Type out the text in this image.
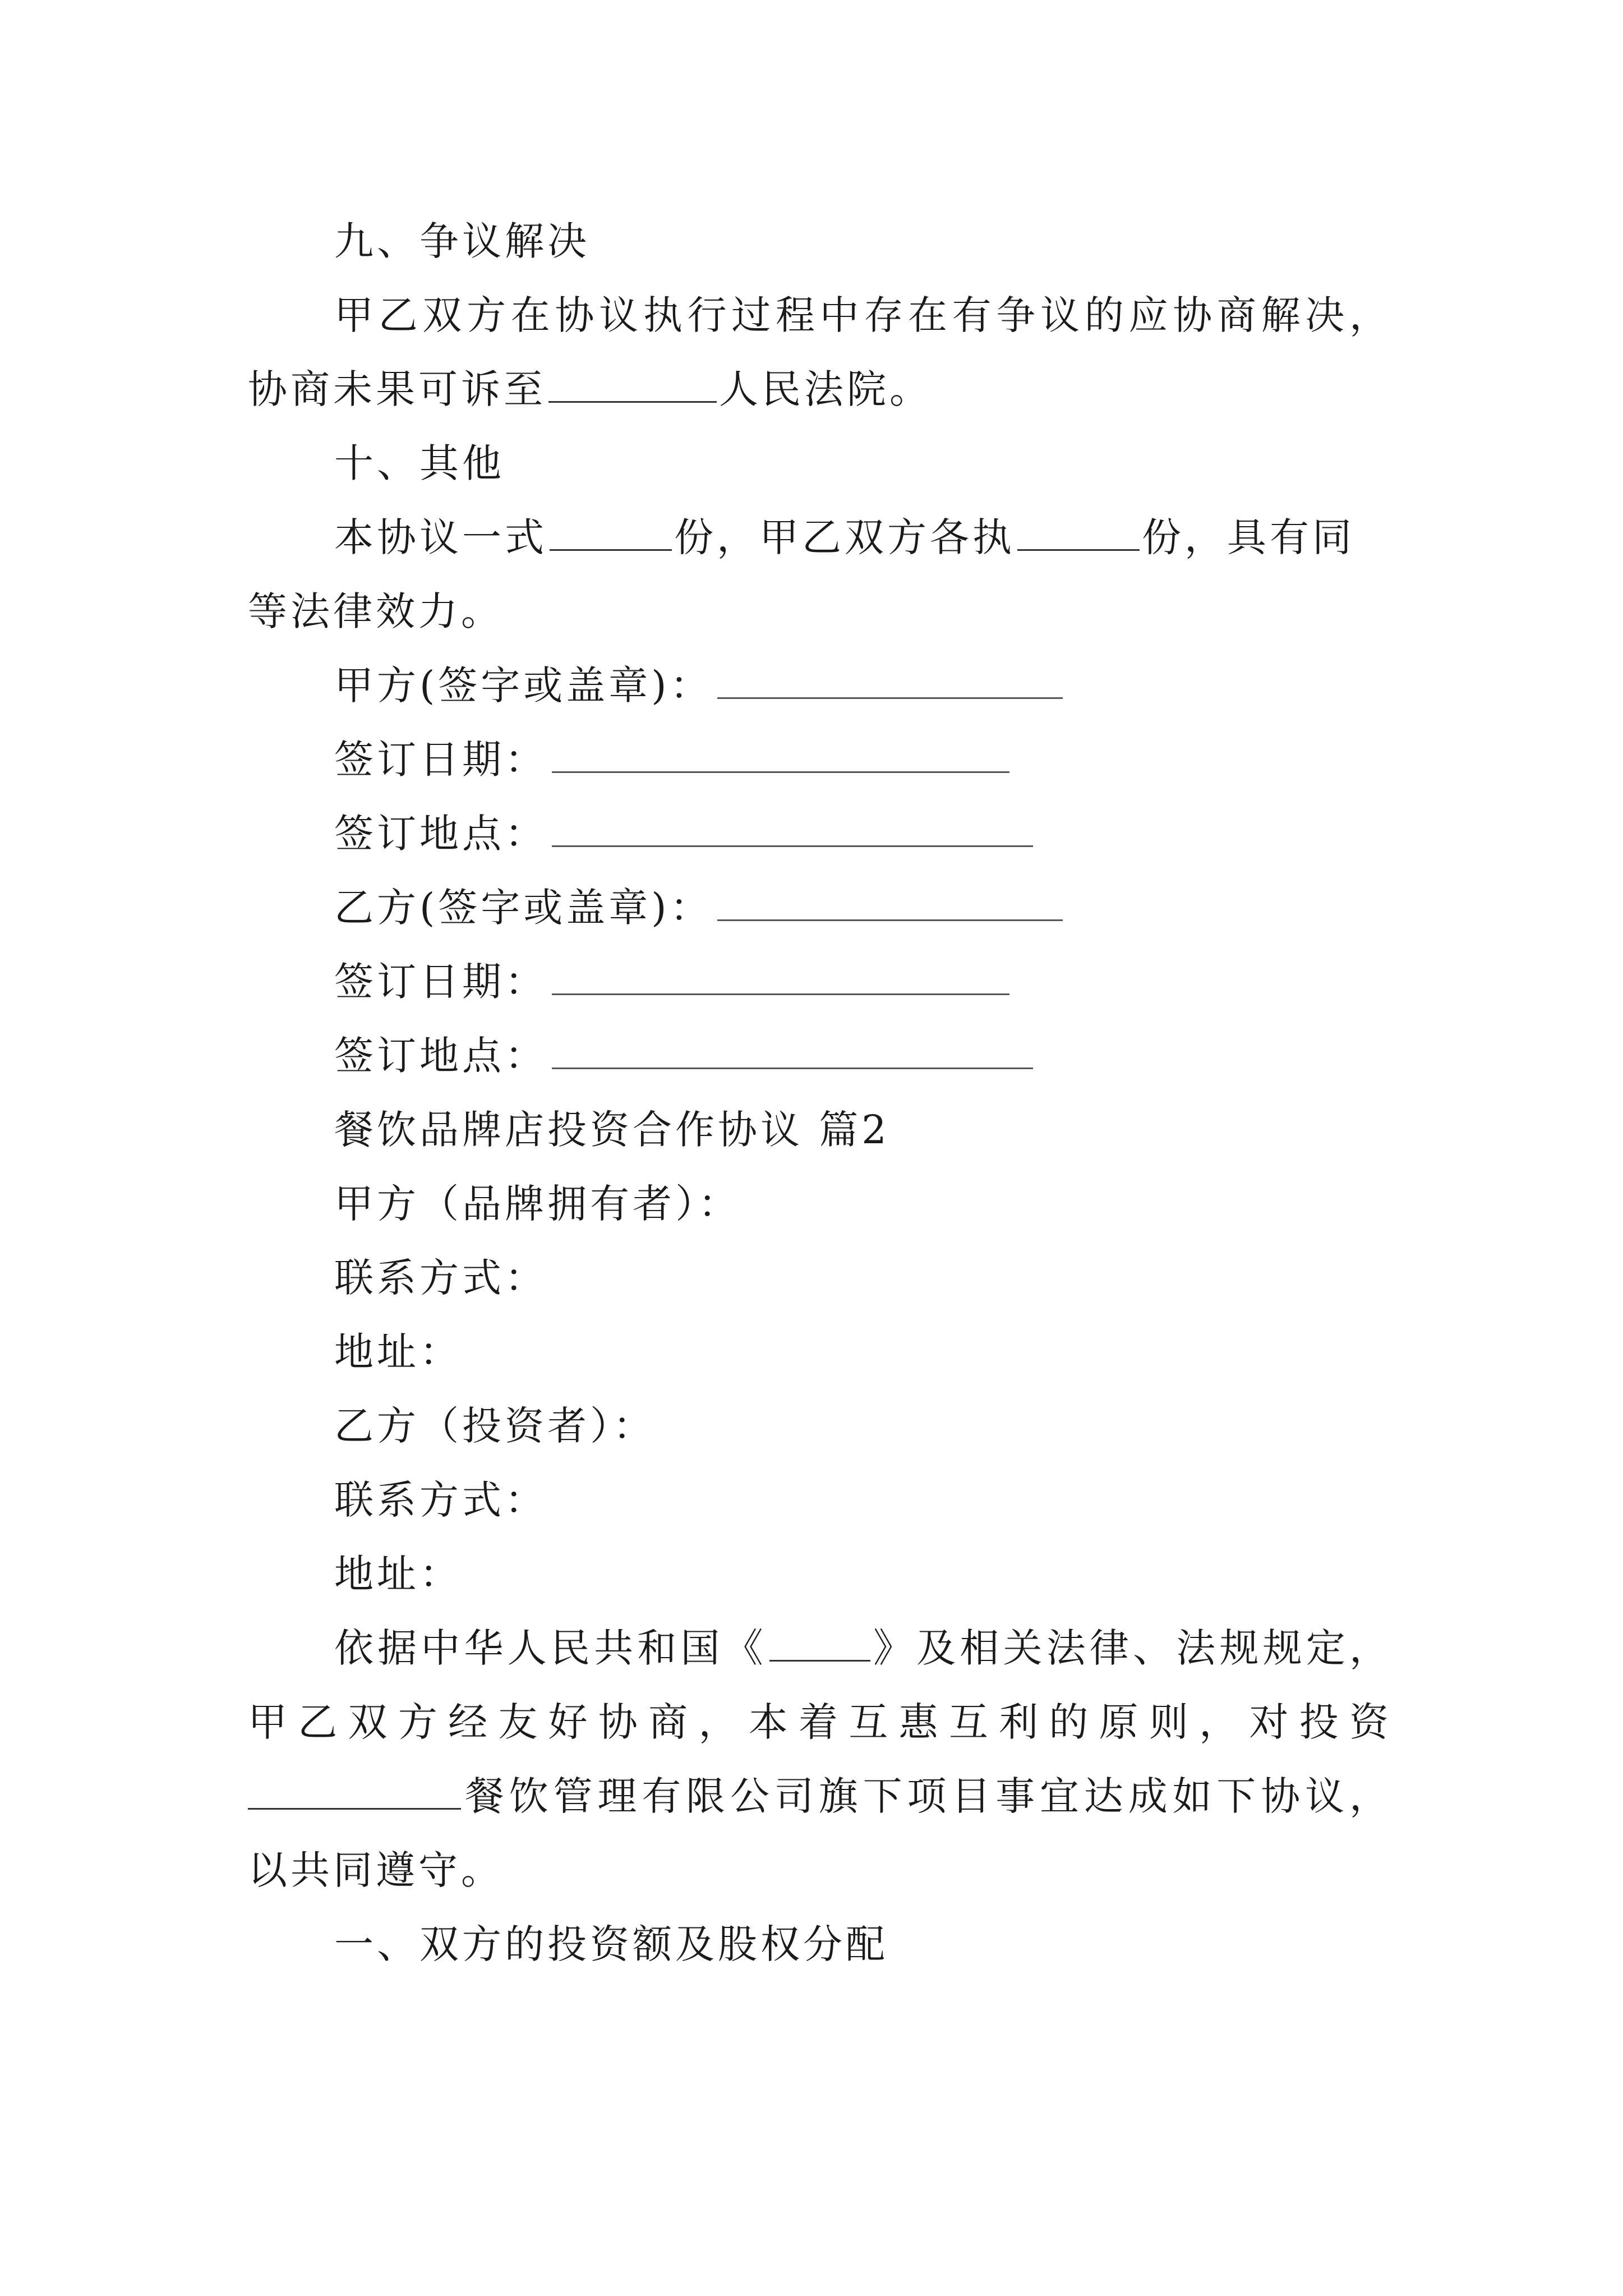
九、争议解决
甲乙双方在协议执行过程中存在有争议的应协商解决，
协商未果可诉至	人民法院。
十、其他
本协议一式	份，甲乙双方各执	份，具有同
等法律效力。
甲方(签字或盖章)：
签订日期：
签订地点：
乙方(签字或盖章)：
签订日期：
签订地点：
餐饮品牌店投资合作协议 篇2
甲方（品牌拥有者）：
联系方式：
地址：
乙方（投资者）：
联系方式：
地址：
依据中华人民共和国《	》及相关法律、法规规定，
甲乙双方经友好协商，本着互惠互利的原则，对投资
餐饮管理有限公司旗下项目事宜达成如下协议，
以共同遵守。
一、双方的投资额及股权分配
